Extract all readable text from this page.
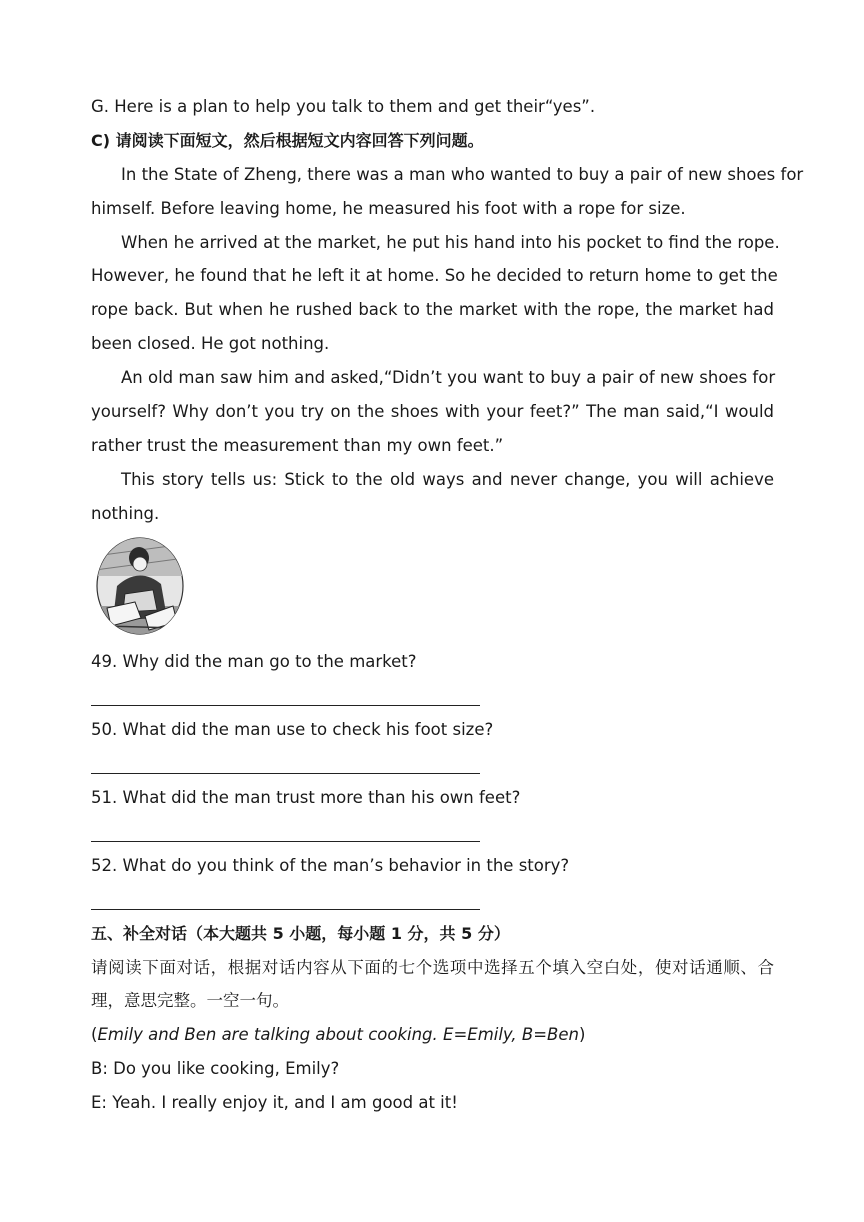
G. Here is a plan to help you talk to them and get their“yes”.
C) 请阅读下面短文，然后根据短文内容回答下列问题。
In the State of Zheng, there was a man who wanted to buy a pair of new shoes for
himself. Before leaving home, he measured his foot with a rope for size.
When he arrived at the market, he put his hand into his pocket to find the rope.
However, he found that he left it at home. So he decided to return home to get the
rope back. But when he rushed back to the market with the rope, the market had
been closed. He got nothing.
An old man saw him and asked,“Didn’t you want to buy a pair of new shoes for
yourself? Why don’t you try on the shoes with your feet?” The man said,“I would
rather trust the measurement than my own feet.”
This story tells us: Stick to the old ways and never change, you will achieve
nothing.
49. Why did the man go to the market?
50. What did the man use to check his foot size?
51. What did the man trust more than his own feet?
52. What do you think of the man’s behavior in the story?
五、补全对话（本大题共 5 小题，每小题 1 分，共 5 分）
请阅读下面对话，根据对话内容从下面的七个选项中选择五个填入空白处，使对话通顺、合
理，意思完整。一空一句。
(Emily and Ben are talking about cooking. E=Emily, B=Ben)
B: Do you like cooking, Emily?
E: Yeah. I really enjoy it, and I am good at it!
